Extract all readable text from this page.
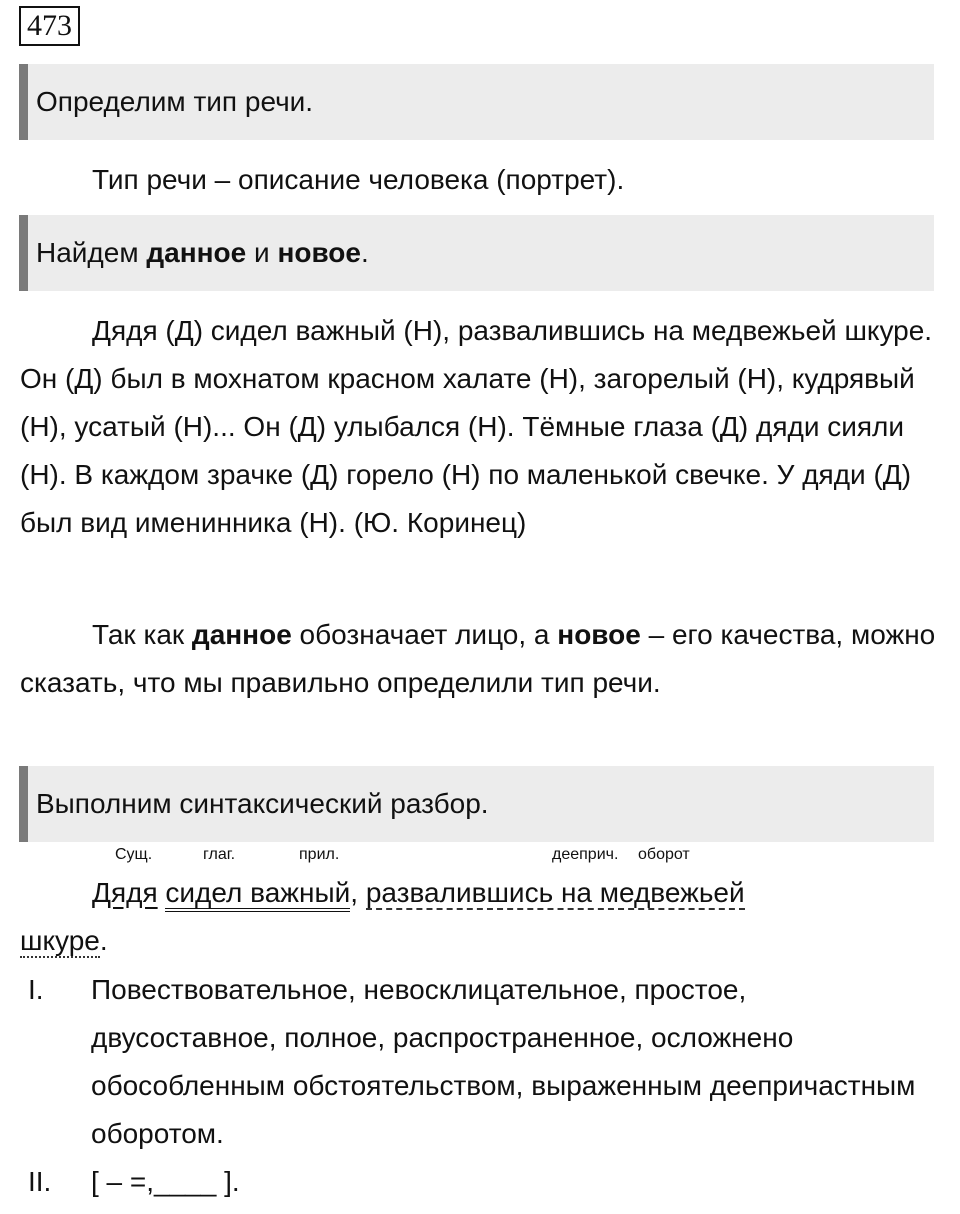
473
Определим тип речи.
Тип речи – описание человека (портрет).
Найдем данное и новое.
Дядя (Д) сидел важный (Н), развалившись на медвежьей шкуре. Он (Д) был в мохнатом красном халате (Н), загорелый (Н), кудрявый (Н), усатый (Н)... Он (Д) улыбался (Н). Тёмные глаза (Д) дяди сияли (Н). В каждом зрачке (Д) горело (Н) по маленькой свечке. У дяди (Д) был вид именинника (Н). (Ю. Коринец)
Так как данное обозначает лицо, а новое – его качества, можно сказать, что мы правильно определили тип речи.
Выполним синтаксический разбор.
Сущ.	глаг.	прил.	дееприч. оборот
Дядя сидел важный, развалившись на медвежьей
шкуре.
I. Повествовательное, невосклицательное, простое, двусоставное, полное, распространенное, осложнено обособленным обстоятельством, выраженным деепричастным оборотом.
II. [ – =,____ ].
